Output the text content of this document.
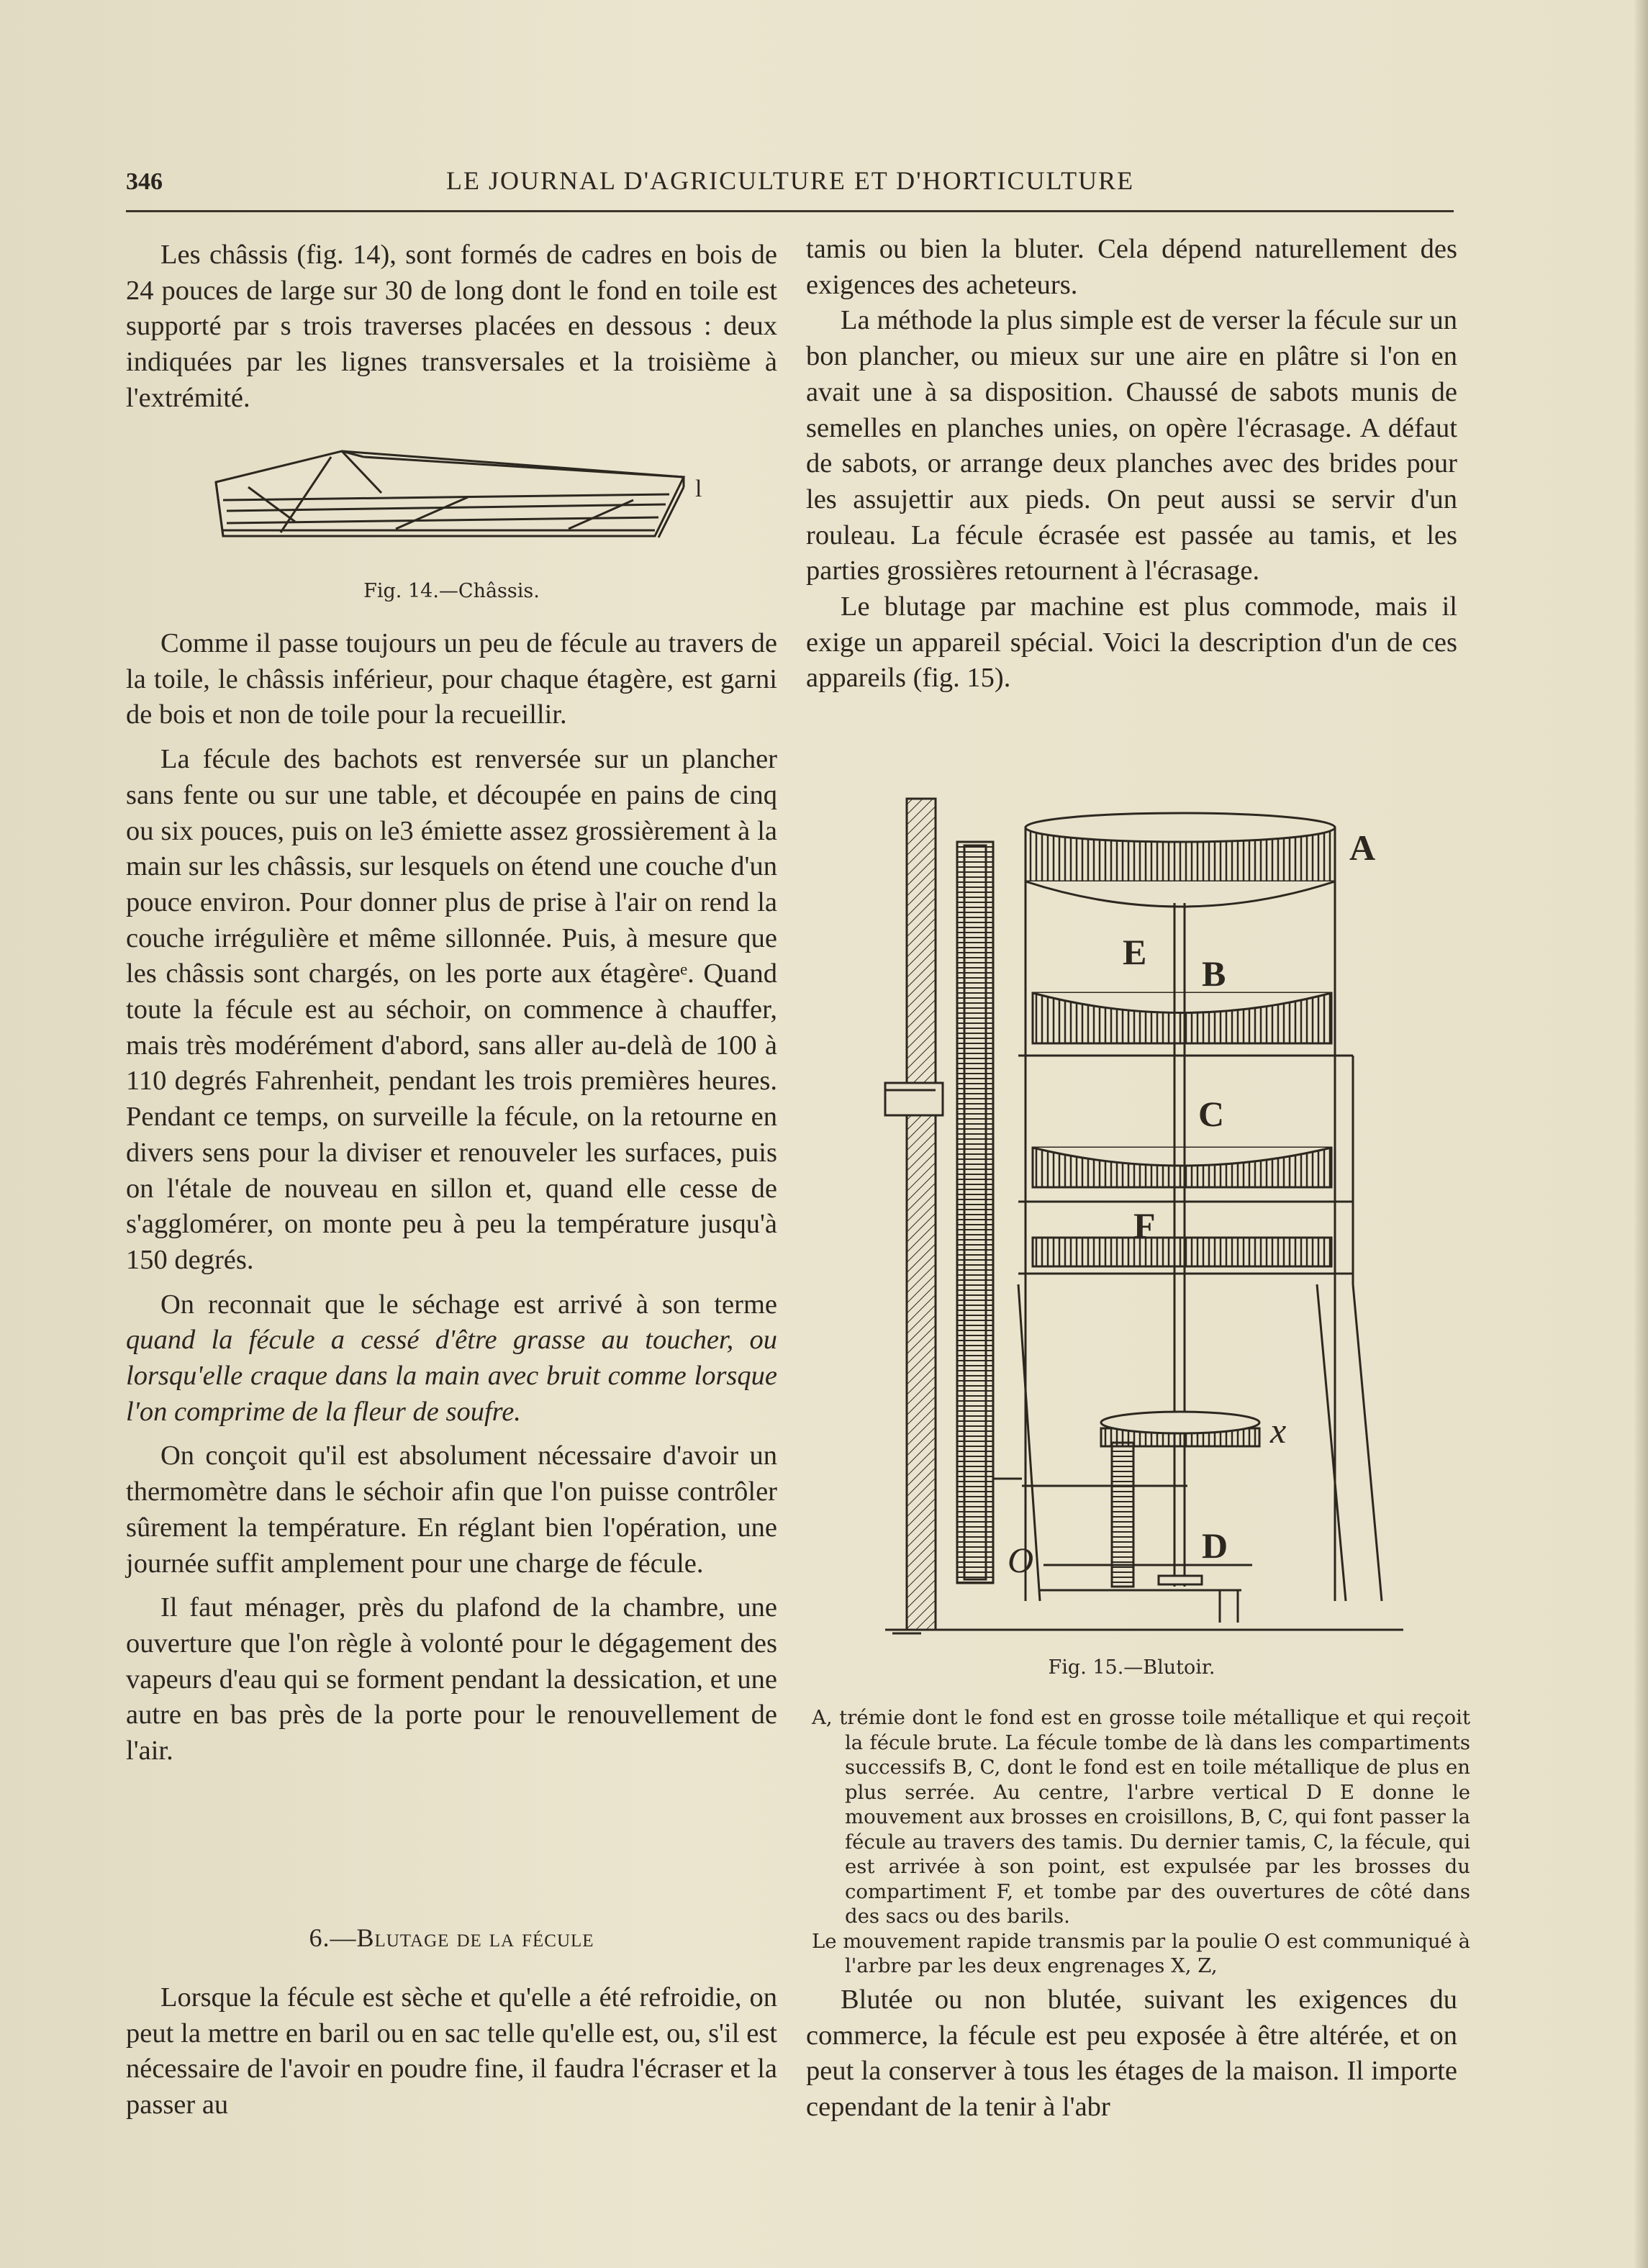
346	LE JOURNAL D'AGRICULTURE ET D'HORTICULTURE

Les châssis (fig. 14), sont formés de cadres en bois de 24 pouces de large sur 30 de long dont le fond en toile est supporté par s trois traverses placées en dessous : deux indiquées par les lignes transversales et la troisième à l'extrémité.

l
Fig. 14.—Châssis.

Comme il passe toujours un peu de fécule au travers de la toile, le châssis inférieur, pour chaque étagère, est garni de bois et non de toile pour la recueillir.

La fécule des bachots est renversée sur un plancher sans fente ou sur une table, et découpée en pains de cinq ou six pouces, puis on le3 émiette assez grossièrement à la main sur les châssis, sur lesquels on étend une couche d'un pouce environ. Pour donner plus de prise à l'air on rend la couche irrégulière et même sillonnée. Puis, à mesure que les châssis sont chargés, on les porte aux étagèreᵉ. Quand toute la fécule est au séchoir, on commence à chauffer, mais très modérément d'abord, sans aller au-delà de 100 à 110 degrés Fahrenheit, pendant les trois premières heures. Pendant ce temps, on surveille la fécule, on la retourne en divers sens pour la diviser et renouveler les surfaces, puis on l'étale de nouveau en sillon et, quand elle cesse de s'agglomérer, on monte peu à peu la température jusqu'à 150 degrés.

On reconnait que le séchage est arrivé à son terme quand la fécule a cessé d'être grasse au toucher, ou lorsqu'elle craque dans la main avec bruit comme lorsque l'on comprime de la fleur de soufre.

On conçoit qu'il est absolument nécessaire d'avoir un thermomètre dans le séchoir afin que l'on puisse contrôler sûrement la température. En réglant bien l'opération, une journée suffit amplement pour une charge de fécule.

Il faut ménager, près du plafond de la chambre, une ouverture que l'on règle à volonté pour le dégagement des vapeurs d'eau qui se forment pendant la dessication, et une autre en bas près de la porte pour le renouvellement de l'air.

6.—Blutage de la fécule

Lorsque la fécule est sèche et qu'elle a été refroidie, on peut la mettre en baril ou en sac telle qu'elle est, ou, s'il est nécessaire de l'avoir en poudre fine, il faudra l'écraser et la passer au

tamis ou bien la bluter. Cela dépend naturellement des exigences des acheteurs.

La méthode la plus simple est de verser la fécule sur un bon plancher, ou mieux sur une aire en plâtre si l'on en avait une à sa disposition. Chaussé de sabots munis de semelles en planches unies, on opère l'écrasage. A défaut de sabots, or arrange deux planches avec des brides pour les assujettir aux pieds. On peut aussi se servir d'un rouleau. La fécule écrasée est passée au tamis, et les parties grossières retournent à l'écrasage.

Le blutage par machine est plus commode, mais il exige un appareil spécial. Voici la description d'un de ces appareils (fig. 15).

A
E
B
C
F
x
D
O
Fig. 15.—Blutoir.

A, trémie dont le fond est en grosse toile métallique et qui reçoit la fécule brute. La fécule tombe de là dans les compartiments successifs B, C, dont le fond est en toile métallique de plus en plus serrée. Au centre, l'arbre vertical D E donne le mouvement aux brosses en croisillons, B, C, qui font passer la fécule au travers des tamis. Du dernier tamis, C, la fécule, qui est arrivée à son point, est expulsée par les brosses du compartiment F, et tombe par des ouvertures de côté dans des sacs ou des barils.

Le mouvement rapide transmis par la poulie O est communiqué à l'arbre par les deux engrenages X, Z,

Blutée ou non blutée, suivant les exigences du commerce, la fécule est peu exposée à être altérée, et on peut la conserver à tous les étages de la maison. Il importe cependant de la tenir à l'abr
